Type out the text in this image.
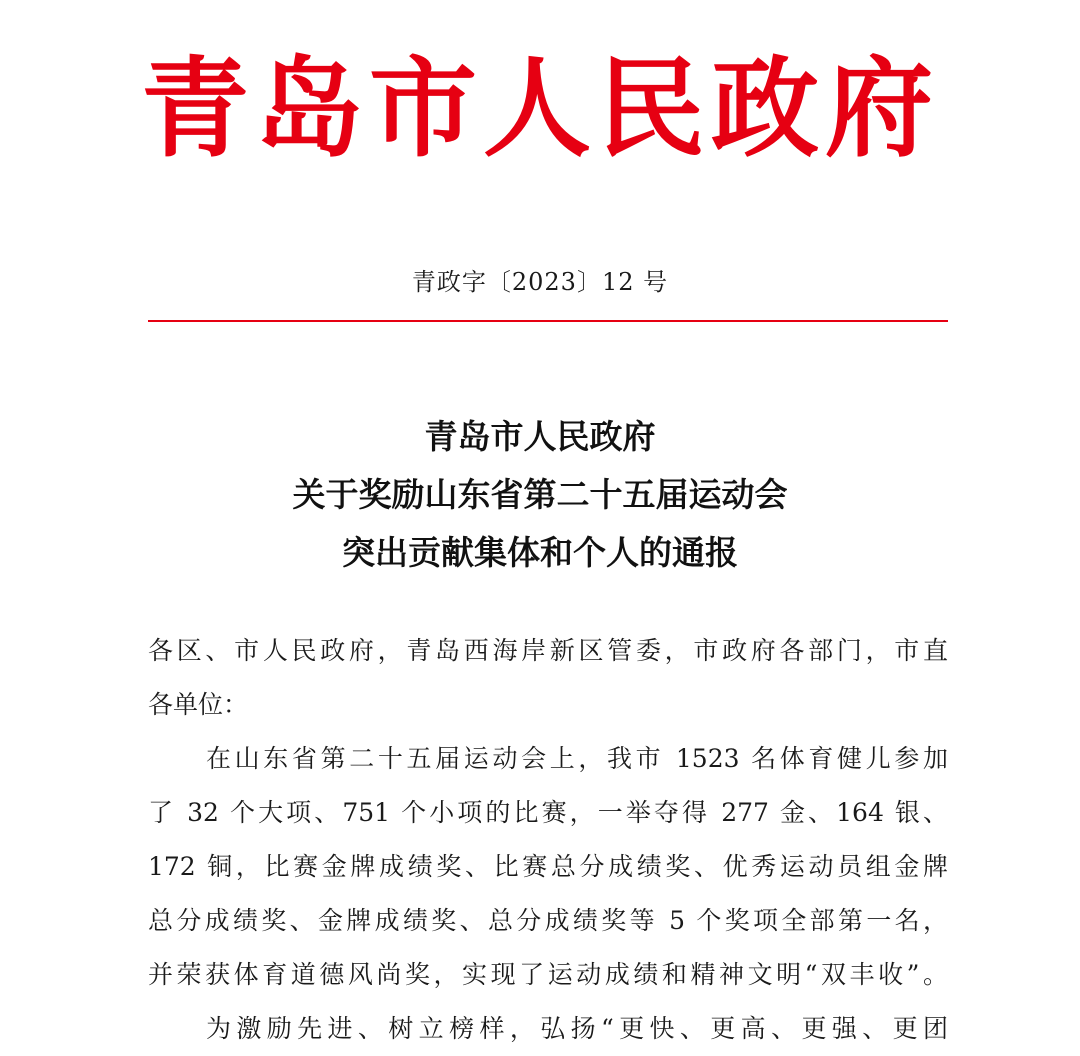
青岛市人民政府
青政字〔2023〕12 号
青岛市人民政府
关于奖励山东省第二十五届运动会
突出贡献集体和个人的通报
各区、市人民政府，青岛西海岸新区管委，市政府各部门，市直
各单位：
在山东省第二十五届运动会上，我市 1523 名体育健儿参加
了 32 个大项、751 个小项的比赛，一举夺得 277 金、164 银、
172 铜，比赛金牌成绩奖、比赛总分成绩奖、优秀运动员组金牌
总分成绩奖、金牌成绩奖、总分成绩奖等 5 个奖项全部第一名，
并荣获体育道德风尚奖，实现了运动成绩和精神文明“双丰收”。
为激励先进、树立榜样，弘扬“更快、更高、更强、更团
